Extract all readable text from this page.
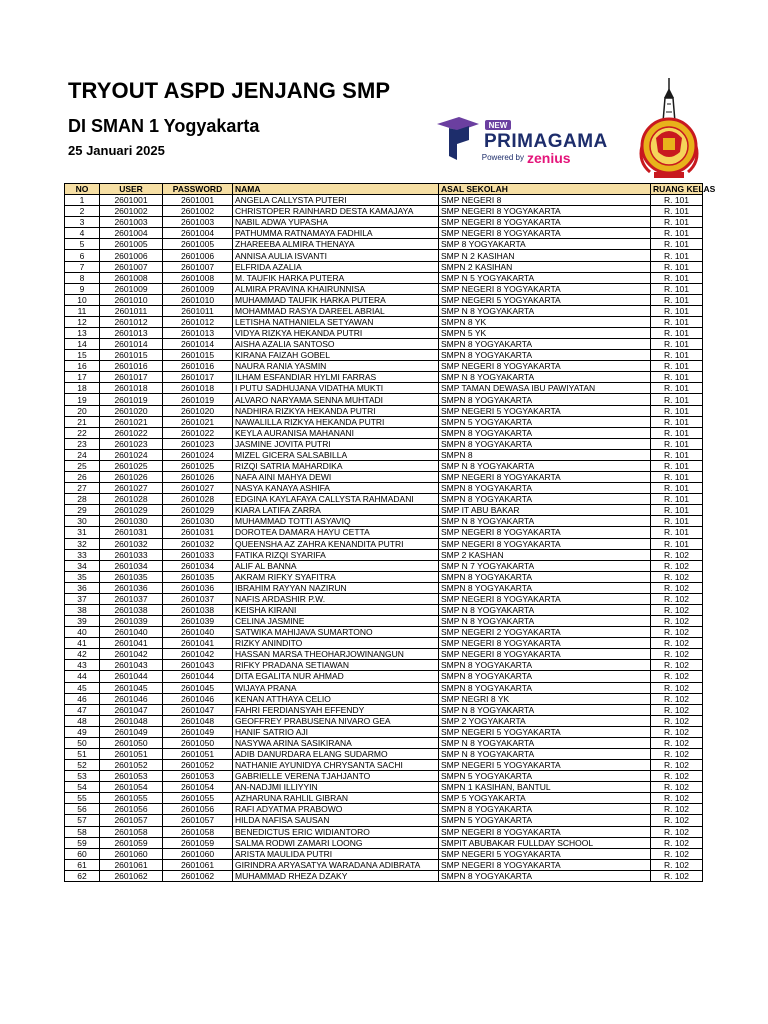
TRYOUT ASPD JENJANG SMP
DI SMAN 1 Yogyakarta
25 Januari 2025
NEW
PRIMAGAMA
Powered by zenius
NO	USER	PASSWORD	NAMA	ASAL SEKOLAH	RUANG KELAS
1	2601001	2601001	ANGELA CALLYSTA PUTERI	SMP NEGERI 8	R. 101
2	2601002	2601002	CHRISTOPER RAINHARD DESTA KAMAJAYA	SMP NEGERI 8 YOGYAKARTA	R. 101
3	2601003	2601003	NABIL ADWA YUPASHA	SMP NEGERI 8 YOGYAKARTA	R. 101
4	2601004	2601004	PATHUMMA RATNAMAYA FADHILA	SMP NEGERI 8 YOGYAKARTA	R. 101
5	2601005	2601005	ZHAREEBA ALMIRA THENAYA	SMP 8 YOGYAKARTA	R. 101
6	2601006	2601006	ANNISA AULIA ISVANTI	SMP N 2 KASIHAN	R. 101
7	2601007	2601007	ELFRIDA AZALIA	SMPN 2 KASIHAN	R. 101
8	2601008	2601008	M. TAUFIK HARKA PUTERA	SMP N 5 YOGYAKARTA	R. 101
9	2601009	2601009	ALMIRA PRAVINA KHAIRUNNISA	SMP NEGERI 8 YOGYAKARTA	R. 101
10	2601010	2601010	MUHAMMAD TAUFIK HARKA PUTERA	SMP NEGERI 5 YOGYAKARTA	R. 101
11	2601011	2601011	MOHAMMAD RASYA DAREEL ABRIAL	SMP N 8 YOGYAKARTA	R. 101
12	2601012	2601012	LETISHA NATHANIELA SETYAWAN	SMPN 8 YK	R. 101
13	2601013	2601013	VIDYA RIZKYA HEKANDA PUTRI	SMPN 5 YK	R. 101
14	2601014	2601014	AISHA AZALIA SANTOSO	SMPN 8 YOGYAKARTA	R. 101
15	2601015	2601015	KIRANA FAIZAH GOBEL	SMPN 8 YOGYAKARTA	R. 101
16	2601016	2601016	NAURA RANIA YASMIN	SMP NEGERI 8 YOGYAKARTA	R. 101
17	2601017	2601017	ILHAM ESFANDIAR HYLMI FARRAS	SMP N 8 YOGYAKARTA	R. 101
18	2601018	2601018	I PUTU SADHUJANA VIDATHA MUKTI	SMP TAMAN DEWASA IBU PAWIYATAN	R. 101
19	2601019	2601019	ALVARO NARYAMA SENNA MUHTADI	SMPN 8 YOGYAKARTA	R. 101
20	2601020	2601020	NADHIRA RIZKYA HEKANDA PUTRI	SMP NEGERI 5 YOGYAKARTA	R. 101
21	2601021	2601021	NAWALILLA RIZKYA HEKANDA PUTRI	SMPN 5 YOGYAKARTA	R. 101
22	2601022	2601022	KEYLA AURANISA MAHANANI	SMPN 8 YOGYAKARTA	R. 101
23	2601023	2601023	JASMINE JOVITA PUTRI	SMPN 8 YOGYAKARTA	R. 101
24	2601024	2601024	MIZEL GICERA SALSABILLA	SMPN 8	R. 101
25	2601025	2601025	RIZQI SATRIA MAHARDIKA	SMP N 8 YOGYAKARTA	R. 101
26	2601026	2601026	NAFA AINI MAHYA DEWI	SMP NEGERI 8 YOGYAKARTA	R. 101
27	2601027	2601027	NASYA KANAYA ASHIFA	SMPN 8 YOGYAKARTA	R. 101
28	2601028	2601028	EDGINA KAYLAFAYA CALLYSTA RAHMADANI	SMPN 8 YOGYAKARTA	R. 101
29	2601029	2601029	KIARA LATIFA ZARRA	SMP IT ABU BAKAR	R. 101
30	2601030	2601030	MUHAMMAD TOTTI ASYAVIQ	SMP N 8 YOGYAKARTA	R. 101
31	2601031	2601031	DOROTEA DAMARA HAYU CETTA	SMP NEGERI 8 YOGYAKARTA	R. 101
32	2601032	2601032	QUEENSHA AZ ZAHRA KENANDITA PUTRI	SMP NEGERI 8 YOGYAKARTA	R. 101
33	2601033	2601033	FATIKA RIZQI SYARIFA	SMP 2 KASHAN	R. 102
34	2601034	2601034	ALIF AL BANNA	SMP N 7 YOGYAKARTA	R. 102
35	2601035	2601035	AKRAM RIFKY SYAFITRA	SMPN 8 YOGYAKARTA	R. 102
36	2601036	2601036	IBRAHIM RAYYAN NAZIRUN	SMPN 8 YOGYAKARTA	R. 102
37	2601037	2601037	NAFIS ARDASHIR P.W.	SMP NEGERI 8 YOGYAKARTA	R. 102
38	2601038	2601038	KEISHA KIRANI	SMP N 8 YOGYAKARTA	R. 102
39	2601039	2601039	CELINA JASMINE	SMP N 8 YOGYAKARTA	R. 102
40	2601040	2601040	SATWIKA MAHIJAVA SUMARTONO	SMP NEGERI 2 YOGYAKARTA	R. 102
41	2601041	2601041	RIZKY ANINDITO	SMP NEGERI 8 YOGYAKARTA	R. 102
42	2601042	2601042	HASSAN MARSA THEOHARJOWINANGUN	SMP NEGERI 8 YOGYAKARTA	R. 102
43	2601043	2601043	RIFKY PRADANA SETIAWAN	SMPN 8 YOGYAKARTA	R. 102
44	2601044	2601044	DITA EGALITA NUR AHMAD	SMPN 8 YOGYAKARTA	R. 102
45	2601045	2601045	WIJAYA PRANA	SMPN 8 YOGYAKARTA	R. 102
46	2601046	2601046	KENAN ATTHAYA CELIO	SMP NEGRI 8 YK	R. 102
47	2601047	2601047	FAHRI FERDIANSYAH EFFENDY	SMP N 8 YOGYAKARTA	R. 102
48	2601048	2601048	GEOFFREY PRABUSENA NIVARO GEA	SMP 2 YOGYAKARTA	R. 102
49	2601049	2601049	HANIF SATRIO AJI	SMP NEGERI 5 YOGYAKARTA	R. 102
50	2601050	2601050	NASYWA ARINA SASIKIRANA	SMP N 8 YOGYAKARTA	R. 102
51	2601051	2601051	ADIB DANURDARA ELANG SUDARMO	SMP N 8 YOGYAKARTA	R. 102
52	2601052	2601052	NATHANIE AYUNIDYA CHRYSANTA SACHI	SMP NEGERI 5 YOGYAKARTA	R. 102
53	2601053	2601053	GABRIELLE VERENA TJAHJANTO	SMPN 5 YOGYAKARTA	R. 102
54	2601054	2601054	AN-NADJMI ILLIYYIN	SMPN 1 KASIHAN, BANTUL	R. 102
55	2601055	2601055	AZHARUNA RAHLIL GIBRAN	SMP 5 YOGYAKARTA	R. 102
56	2601056	2601056	RAFI ADYATMA PRABOWO	SMPN 8 YOGYAKARTA	R. 102
57	2601057	2601057	HILDA NAFISA SAUSAN	SMPN 5 YOGYAKARTA	R. 102
58	2601058	2601058	BENEDICTUS ERIC WIDIANTORO	SMP NEGERI 8 YOGYAKARTA	R. 102
59	2601059	2601059	SALMA RODWI ZAMARI LOONG	SMPIT ABUBAKAR FULLDAY SCHOOL	R. 102
60	2601060	2601060	ARISTA MAULIDA PUTRI	SMP NEGERI 5 YOGYAKARTA	R. 102
61	2601061	2601061	GIRINDRA ARYASATYA WARADANA ADIBRATA	SMP NEGERI 8 YOGYAKARTA	R. 102
62	2601062	2601062	MUHAMMAD RHEZA DZAKY	SMPN 8 YOGYAKARTA	R. 102
